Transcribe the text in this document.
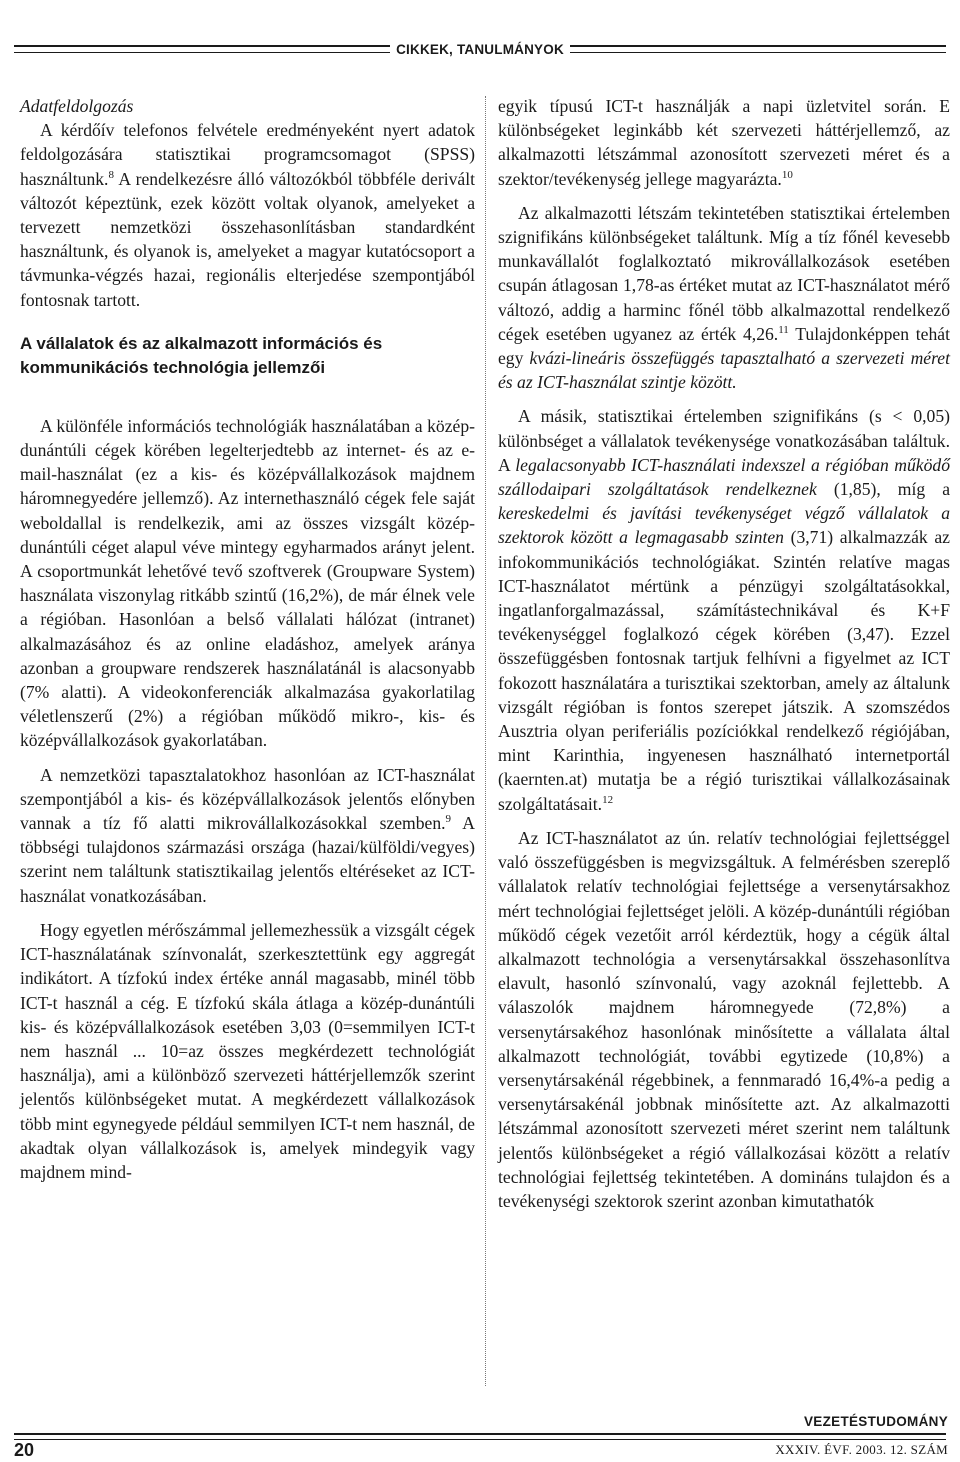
CIKKEK, TANULMÁNYOK
Adatfeldolgozás

A kérdőív telefonos felvétele eredményeként nyert adatok feldolgozására statisztikai programcsomagot (SPSS) használtunk.$^8$ A rendelkezésre álló változókból többféle derivált változót képeztünk, ezek között voltak olyanok, amelyeket a tervezett nemzetközi összehasonlításban standardként használtunk, és olyanok is, amelyeket a magyar kutatócsoport a távmunka-végzés hazai, regionális elterjedése szempontjából fontosnak tartott.

A vállalatok és az alkalmazott információs és kommunikációs technológia jellemzői

A különféle információs technológiák használatában a közép-dunántúli cégek körében legelterjedtebb az internet- és az e-mail-használat (ez a kis- és középvállalkozások majdnem háromnegyedére jellemző). Az internethasználó cégek fele saját weboldallal is rendelkezik, ami az összes vizsgált közép-dunántúli céget alapul véve mintegy egyharmados arányt jelent. A csoportmunkát lehetővé tevő szoftverek (Groupware System) használata viszonylag ritkább szintű (16,2%), de már élnek vele a régióban. Hasonlóan a belső vállalati hálózat (intranet) alkalmazásához és az online eladáshoz, amelyek aránya azonban a groupware rendszerek használatánál is alacsonyabb (7% alatti). A videokonferenciák alkalmazása gyakorlatilag véletlenszerű (2%) a régióban működő mikro-, kis- és középvállalkozások gyakorlatában.

A nemzetközi tapasztalatokhoz hasonlóan az ICT-használat szempontjából a kis- és középvállalkozások jelentős előnyben vannak a tíz fő alatti mikrovállalkozásokkal szemben.$^9$ A többségi tulajdonos származási országa (hazai/külföldi/vegyes) szerint nem találtunk statisztikailag jelentős eltéréseket az ICT-használat vonatkozásában.

Hogy egyetlen mérőszámmal jellemezhessük a vizsgált cégek ICT-használatának színvonalát, szerkesztettünk egy aggregát indikátort. A tízfokú index értéke annál magasabb, minél több ICT-t használ a cég. E tízfokú skála átlaga a közép-dunántúli kis- és középvállalkozások esetében 3,03 (0=semmilyen ICT-t nem használ ... 10=az összes megkérdezett technológiát használja), ami a különböző szervezeti háttérjellemzők szerint jelentős különbségeket mutat. A megkérdezett vállalkozások több mint egynegyede például semmilyen ICT-t nem használ, de akadtak olyan vállalkozások is, amelyek mindegyik vagy majdnem mind-

egyik típusú ICT-t használják a napi üzletvitel során. E különbségeket leginkább két szervezeti háttérjellemző, az alkalmazotti létszámmal azonosított szervezeti méret és a szektor/tevékenység jellege magyarázta.$^{10}$

Az alkalmazotti létszám tekintetében statisztikai értelemben szignifikáns különbségeket találtunk. Míg a tíz főnél kevesebb munkavállalót foglalkoztató mikrovállalkozások esetében csupán átlagosan 1,78-as értéket mutat az ICT-használatot mérő változó, addig a harminc főnél több alkalmazottal rendelkező cégek esetében ugyanez az érték 4,26.11 Tulajdonképpen tehát egy kvázi-lineáris összefüggés tapasztalható a szervezeti méret és az ICT-használat szintje között.

A másik, statisztikai értelemben szignifikáns (s < 0,05) különbséget a vállalatok tevékenysége vonatkozásában találtuk. A legalacsonyabb ICT-használati indexszel a régióban működő szállodaipari szolgáltatások rendelkeznek (1,85), míg a kereskedelmi és javítási tevékenységet végző vállalatok a szektorok között a legmagasabb szinten (3,71) alkalmazzák az infokommunikációs technológiákat. Szintén relatíve magas ICT-használatot mértünk a pénzügyi szolgáltatásokkal, ingatlanforgalmazással, számítástechnikával és K+F tevékenységgel foglalkozó cégek körében (3,47). Ezzel összefüggésben fontosnak tartjuk felhívni a figyelmet az ICT fokozott használatára a turisztikai szektorban, amely az általunk vizsgált régióban is fontos szerepet játszik. A szomszédos Ausztria olyan periferiális pozíciókkal rendelkező régiójában, mint Karinthia, ingyenesen használható internetportál (kaernten.at) mutatja be a régió turisztikai vállalkozásainak szolgáltatásait.$^{12}$

Az ICT-használatot az ún. relatív technológiai fejlettséggel való összefüggésben is megvizsgáltuk. A felmérésben szereplő vállalatok relatív technológiai fejlettsége a versenytársakhoz mért technológiai fejlettséget jelöli. A közép-dunántúli régióban működő cégek vezetőit arról kérdeztük, hogy a cégük által alkalmazott technológia a versenytársakkal összehasonlítva elavult, hasonló színvonalú, vagy azoknál fejlettebb. A válaszolók majdnem háromnegyede (72,8%) a versenytársakéhoz hasonlónak minősítette a vállalata által alkalmazott technológiát, további egytizede (10,8%) a versenytársakénál régebbinek, a fennmaradó 16,4%-a pedig a versenytársakénál jobbnak minősítette azt. Az alkalmazotti létszámmal azonosított szervezeti méret szerint nem találtunk jelentős különbségeket a régió vállalkozásai között a relatív technológiai fejlettség tekintetében. A domináns tulajdon és a tevékenységi szektorok szerint azonban kimutathatók

VEZETÉSTUDOMÁNY
20	XXXIV. ÉVF. 2003. 12. SZÁM
